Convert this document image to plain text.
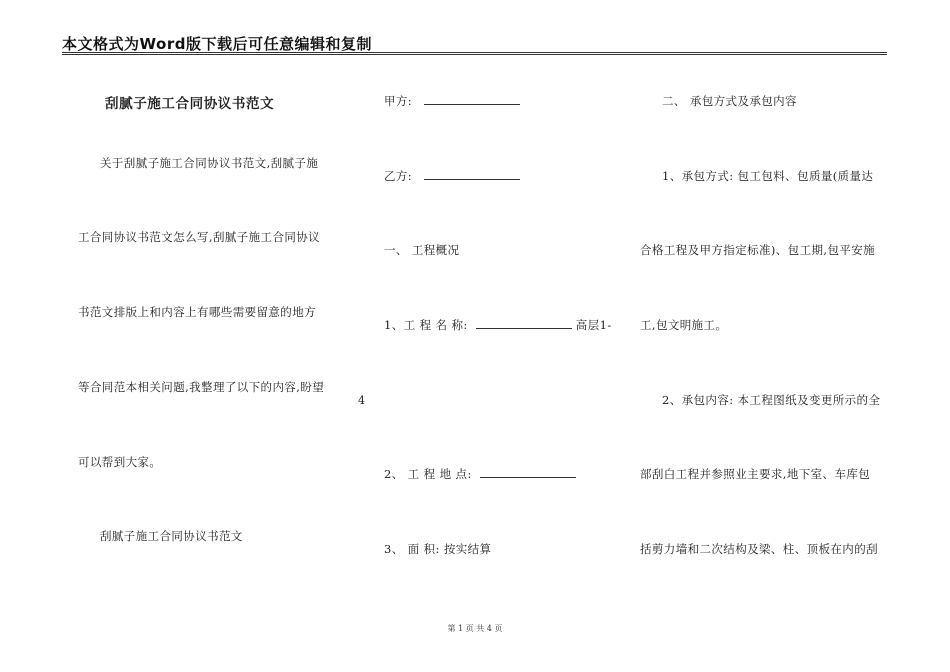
本文格式为Word版下载后可任意编辑和复制
刮腻子施工合同协议书范文
关于刮腻子施工合同协议书范文,刮腻子施
工合同协议书范文怎么写,刮腻子施工合同协议
书范文排版上和内容上有哪些需要留意的地方
等合同范本相关问题,我整理了以下的内容,盼望
可以帮到大家。
刮腻子施工合同协议书范文
甲方:
乙方:
一、 工程概况
1、工 程 名 称:	高层1-
2、 工 程 地 点:
3、 面 积: 按实结算
二、 承包方式及承包内容
1、承包方式: 包工包料、包质量(质量达
合格工程及甲方指定标准)、包工期,包平安施
工,包文明施工。
2、承包内容: 本工程图纸及变更所示的全
部刮白工程并参照业主要求,地下室、车库包
括剪力墙和二次结构及梁、柱、顶板在内的刮
4
第 1 页 共 4 页
